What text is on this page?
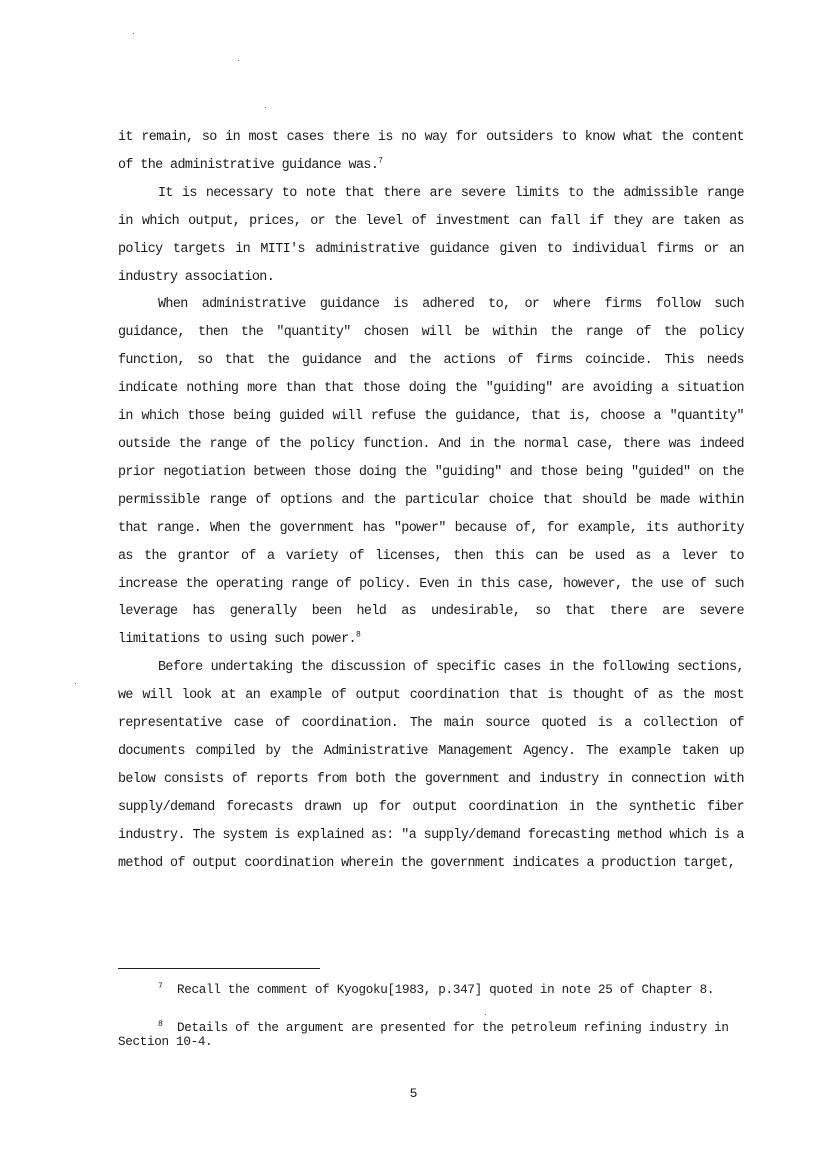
it remain, so in most cases there is no way for outsiders to know what the content of the administrative guidance was.$^7$

It is necessary to note that there are severe limits to the admissible range in which output, prices, or the level of investment can fall if they are taken as policy targets in MITI's administrative guidance given to individual firms or an industry association.

When administrative guidance is adhered to, or where firms follow such guidance, then the "quantity" chosen will be within the range of the policy function, so that the guidance and the actions of firms coincide. This needs indicate nothing more than that those doing the "guiding" are avoiding a situation in which those being guided will refuse the guidance, that is, choose a "quantity" outside the range of the policy function. And in the normal case, there was indeed prior negotiation between those doing the "guiding" and those being "guided" on the permissible range of options and the particular choice that should be made within that range. When the government has "power" because of, for example, its authority as the grantor of a variety of licenses, then this can be used as a lever to increase the operating range of policy. Even in this case, however, the use of such leverage has generally been held as undesirable, so that there are severe limitations to using such power.$^8$

Before undertaking the discussion of specific cases in the following sections, we will look at an example of output coordination that is thought of as the most representative case of coordination. The main source quoted is a collection of documents compiled by the Administrative Management Agency. The example taken up below consists of reports from both the government and industry in connection with supply/demand forecasts drawn up for output coordination in the synthetic fiber industry. The system is explained as: "a supply/demand forecasting method which is a method of output coordination wherein the government indicates a production target,

$^7$ Recall the comment of Kyogoku[1983, p.347] quoted in note 25 of Chapter 8.

$^8$ Details of the argument are presented for the petroleum refining industry in Section 10-4.

5
